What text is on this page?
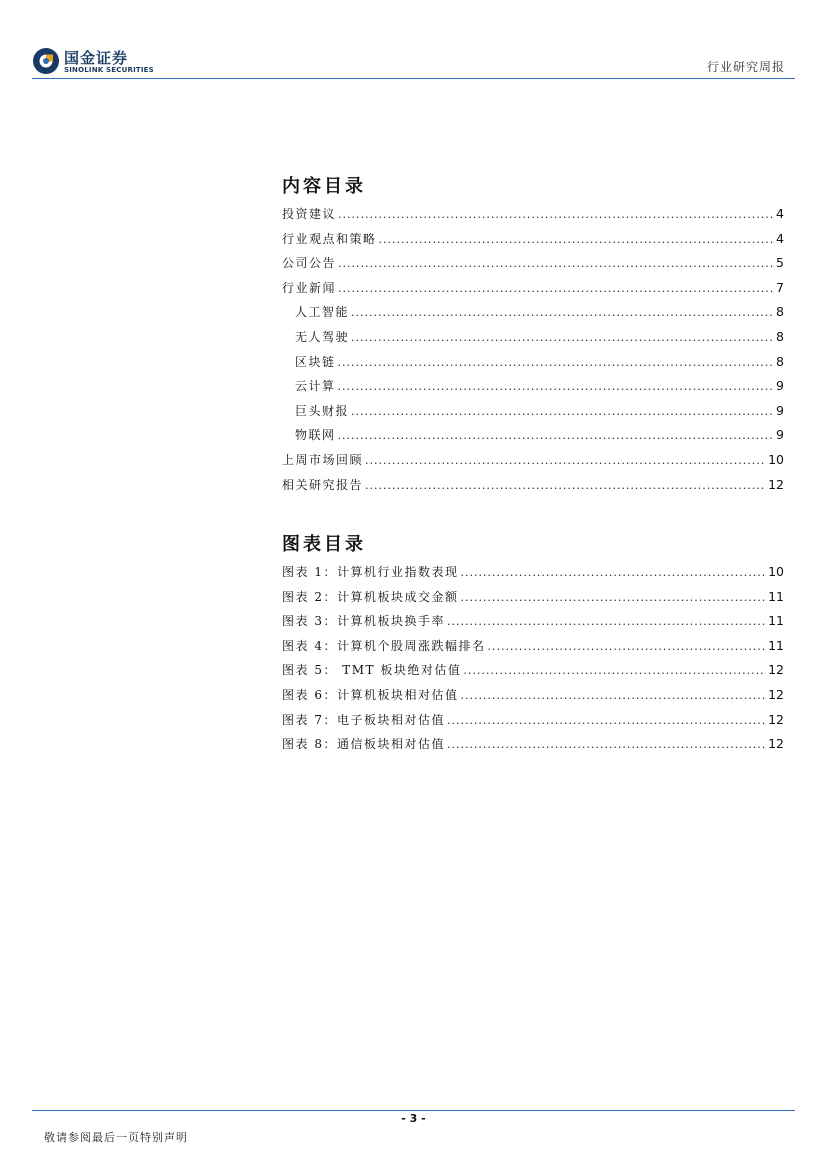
国金证券
SINOLINK SECURITIES	行业研究周报
内容目录
投资建议 .....	4
行业观点和策略 .....	4
公司公告 .....	5
行业新闻 .....	7
人工智能 .....	8
无人驾驶 .....	8
区块链 .....	8
云计算 .....	9
巨头财报 .....	9
物联网 .....	9
上周市场回顾 .....	10
相关研究报告 .....	12
图表目录
图表 1：计算机行业指数表现 .....	10
图表 2：计算机板块成交金额 .....	11
图表 3：计算机板块换手率 .....	11
图表 4：计算机个股周涨跌幅排名 .....	11
图表 5： TMT 板块绝对估值 .....	12
图表 6：计算机板块相对估值 .....	12
图表 7：电子板块相对估值 .....	12
图表 8：通信板块相对估值 .....	12
- 3 -
敬请参阅最后一页特别声明
